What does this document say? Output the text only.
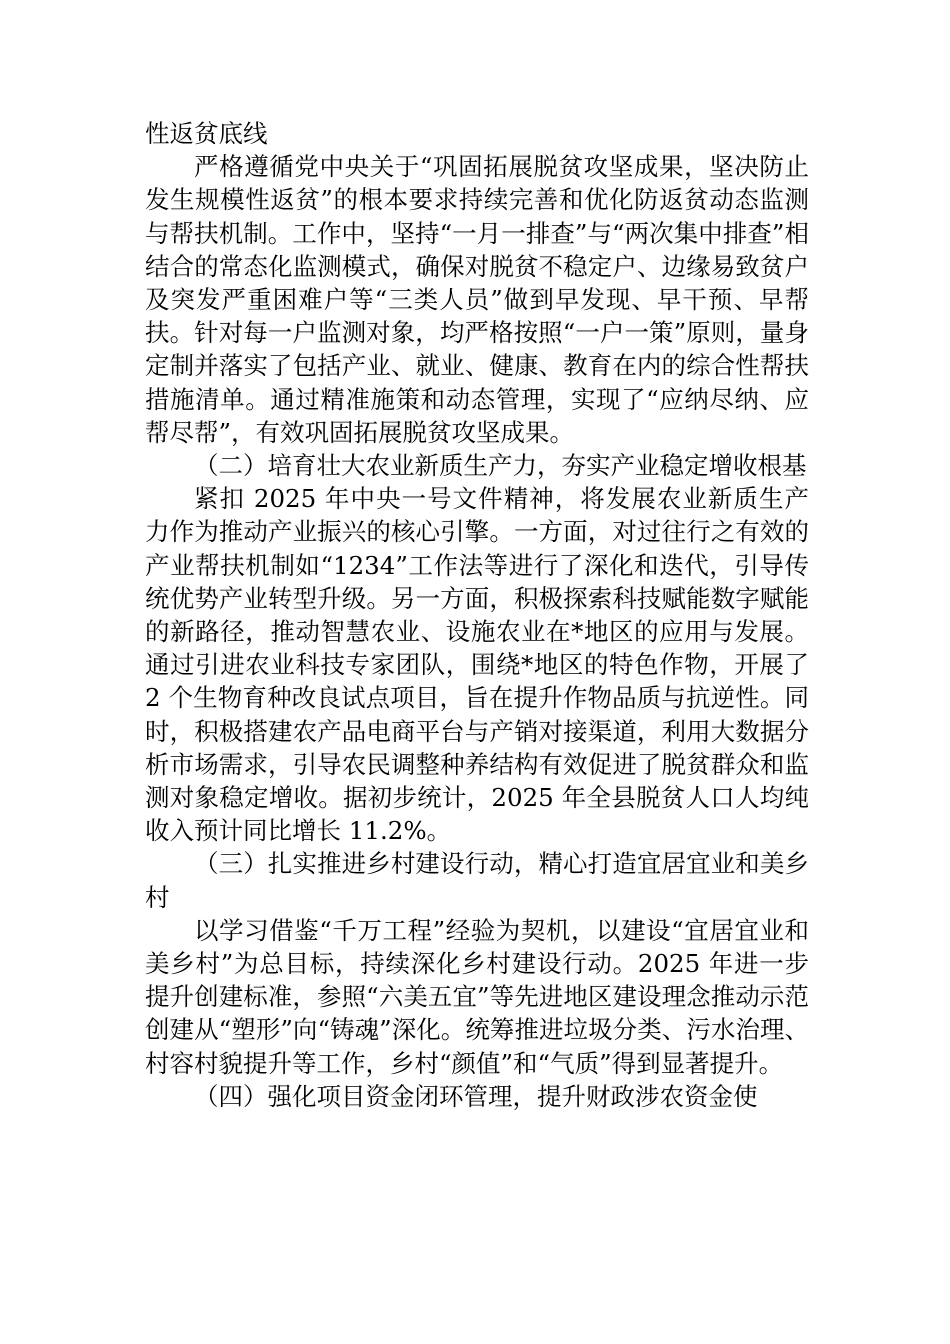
性返贫底线

严格遵循党中央关于“巩固拓展脱贫攻坚成果，坚决防止发生规模性返贫”的根本要求持续完善和优化防返贫动态监测与帮扶机制。工作中，坚持“一月一排查”与“两次集中排查”相结合的常态化监测模式，确保对脱贫不稳定户、边缘易致贫户及突发严重困难户等“三类人员”做到早发现、早干预、早帮扶。针对每一户监测对象，均严格按照“一户一策”原则，量身定制并落实了包括产业、就业、健康、教育在内的综合性帮扶措施清单。通过精准施策和动态管理，实现了“应纳尽纳、应帮尽帮”，有效巩固拓展脱贫攻坚成果。

（二）培育壮大农业新质生产力，夯实产业稳定增收根基

紧扣 2025 年中央一号文件精神，将发展农业新质生产力作为推动产业振兴的核心引擎。一方面，对过往行之有效的产业帮扶机制如“1234”工作法等进行了深化和迭代，引导传统优势产业转型升级。另一方面，积极探索科技赋能数字赋能的新路径，推动智慧农业、设施农业在*地区的应用与发展。通过引进农业科技专家团队，围绕*地区的特色作物，开展了 2 个生物育种改良试点项目，旨在提升作物品质与抗逆性。同时，积极搭建农产品电商平台与产销对接渠道，利用大数据分析市场需求，引导农民调整种养结构有效促进了脱贫群众和监测对象稳定增收。据初步统计，2025 年全县脱贫人口人均纯收入预计同比增长 11.2%。

（三）扎实推进乡村建设行动，精心打造宜居宜业和美乡村

以学习借鉴“千万工程”经验为契机，以建设“宜居宜业和美乡村”为总目标，持续深化乡村建设行动。2025 年进一步提升创建标准，参照“六美五宜”等先进地区建设理念推动示范创建从“塑形”向“铸魂”深化。统筹推进垃圾分类、污水治理、村容村貌提升等工作，乡村“颜值”和“气质”得到显著提升。

（四）强化项目资金闭环管理，提升财政涉农资金使
